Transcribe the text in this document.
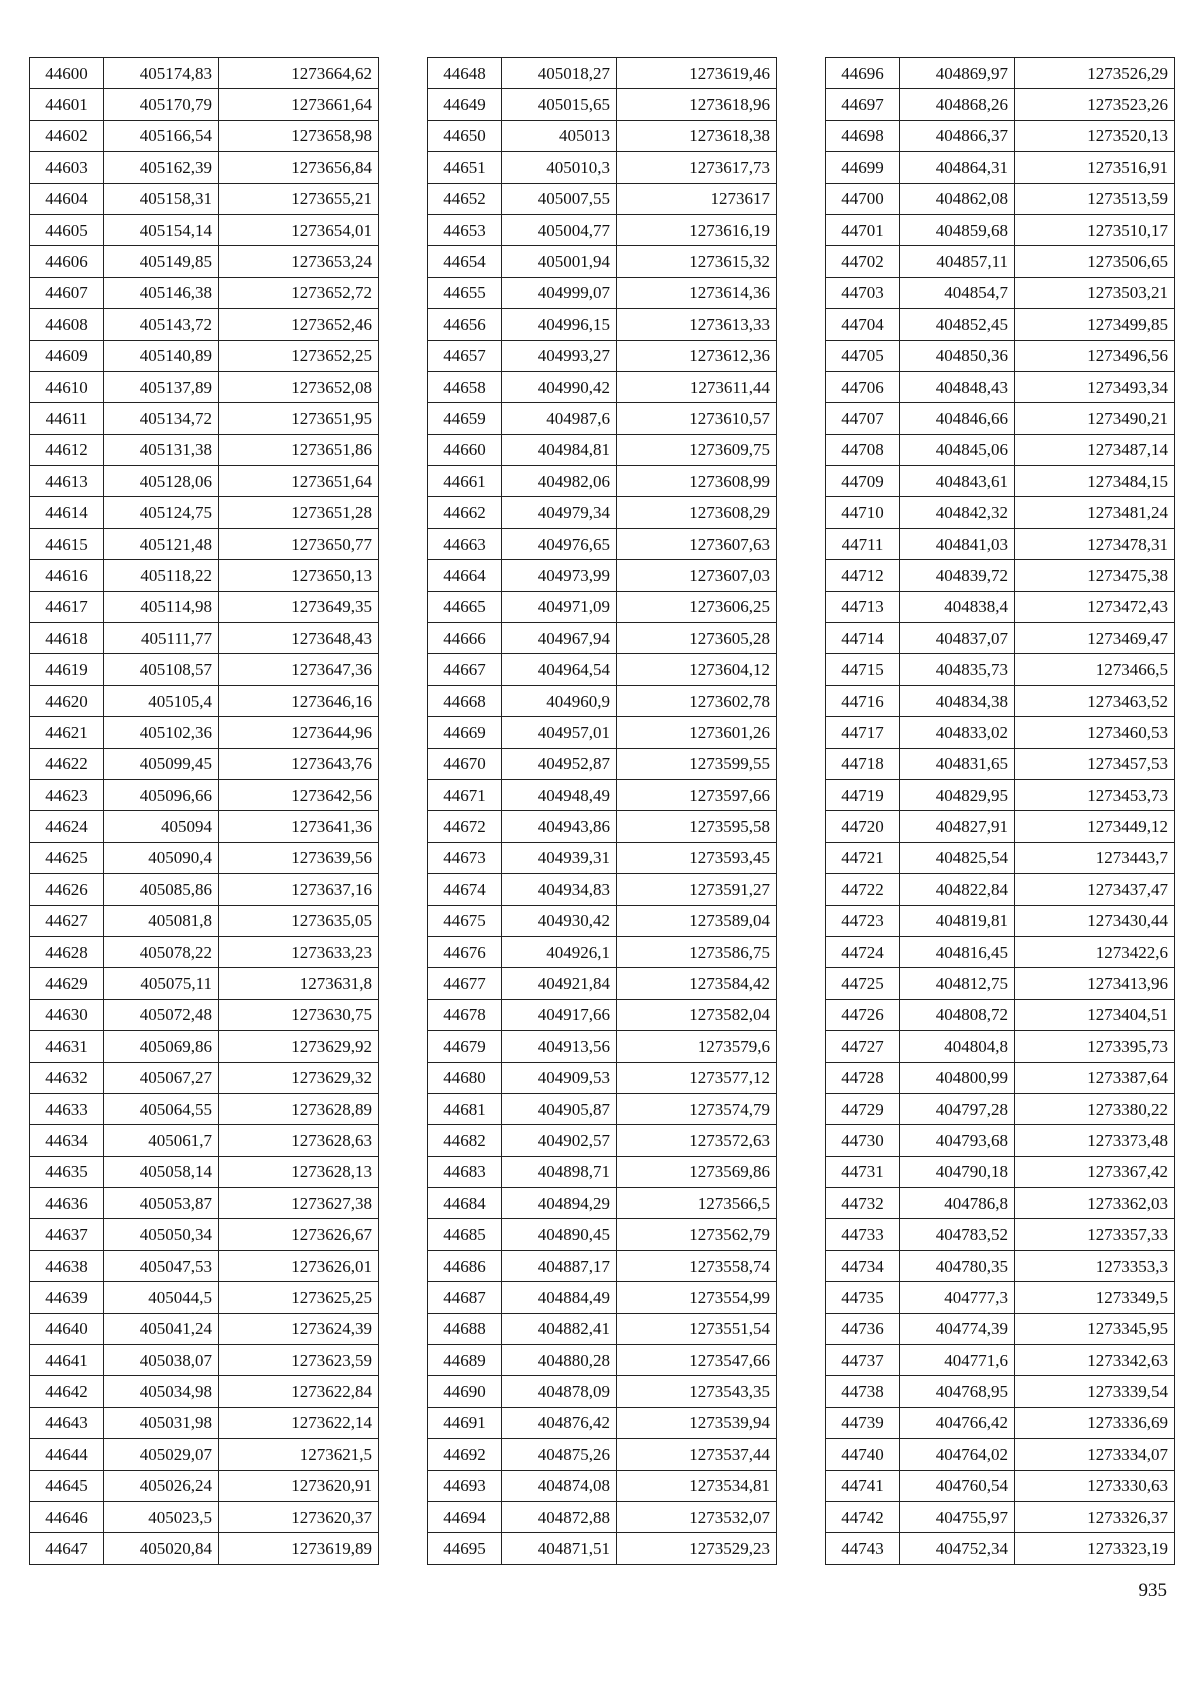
44600	405174,83	1273664,62
44601	405170,79	1273661,64
44602	405166,54	1273658,98
44603	405162,39	1273656,84
44604	405158,31	1273655,21
44605	405154,14	1273654,01
44606	405149,85	1273653,24
44607	405146,38	1273652,72
44608	405143,72	1273652,46
44609	405140,89	1273652,25
44610	405137,89	1273652,08
44611	405134,72	1273651,95
44612	405131,38	1273651,86
44613	405128,06	1273651,64
44614	405124,75	1273651,28
44615	405121,48	1273650,77
44616	405118,22	1273650,13
44617	405114,98	1273649,35
44618	405111,77	1273648,43
44619	405108,57	1273647,36
44620	405105,4	1273646,16
44621	405102,36	1273644,96
44622	405099,45	1273643,76
44623	405096,66	1273642,56
44624	405094	1273641,36
44625	405090,4	1273639,56
44626	405085,86	1273637,16
44627	405081,8	1273635,05
44628	405078,22	1273633,23
44629	405075,11	1273631,8
44630	405072,48	1273630,75
44631	405069,86	1273629,92
44632	405067,27	1273629,32
44633	405064,55	1273628,89
44634	405061,7	1273628,63
44635	405058,14	1273628,13
44636	405053,87	1273627,38
44637	405050,34	1273626,67
44638	405047,53	1273626,01
44639	405044,5	1273625,25
44640	405041,24	1273624,39
44641	405038,07	1273623,59
44642	405034,98	1273622,84
44643	405031,98	1273622,14
44644	405029,07	1273621,5
44645	405026,24	1273620,91
44646	405023,5	1273620,37
44647	405020,84	1273619,89
44648	405018,27	1273619,46
44649	405015,65	1273618,96
44650	405013	1273618,38
44651	405010,3	1273617,73
44652	405007,55	1273617
44653	405004,77	1273616,19
44654	405001,94	1273615,32
44655	404999,07	1273614,36
44656	404996,15	1273613,33
44657	404993,27	1273612,36
44658	404990,42	1273611,44
44659	404987,6	1273610,57
44660	404984,81	1273609,75
44661	404982,06	1273608,99
44662	404979,34	1273608,29
44663	404976,65	1273607,63
44664	404973,99	1273607,03
44665	404971,09	1273606,25
44666	404967,94	1273605,28
44667	404964,54	1273604,12
44668	404960,9	1273602,78
44669	404957,01	1273601,26
44670	404952,87	1273599,55
44671	404948,49	1273597,66
44672	404943,86	1273595,58
44673	404939,31	1273593,45
44674	404934,83	1273591,27
44675	404930,42	1273589,04
44676	404926,1	1273586,75
44677	404921,84	1273584,42
44678	404917,66	1273582,04
44679	404913,56	1273579,6
44680	404909,53	1273577,12
44681	404905,87	1273574,79
44682	404902,57	1273572,63
44683	404898,71	1273569,86
44684	404894,29	1273566,5
44685	404890,45	1273562,79
44686	404887,17	1273558,74
44687	404884,49	1273554,99
44688	404882,41	1273551,54
44689	404880,28	1273547,66
44690	404878,09	1273543,35
44691	404876,42	1273539,94
44692	404875,26	1273537,44
44693	404874,08	1273534,81
44694	404872,88	1273532,07
44695	404871,51	1273529,23
44696	404869,97	1273526,29
44697	404868,26	1273523,26
44698	404866,37	1273520,13
44699	404864,31	1273516,91
44700	404862,08	1273513,59
44701	404859,68	1273510,17
44702	404857,11	1273506,65
44703	404854,7	1273503,21
44704	404852,45	1273499,85
44705	404850,36	1273496,56
44706	404848,43	1273493,34
44707	404846,66	1273490,21
44708	404845,06	1273487,14
44709	404843,61	1273484,15
44710	404842,32	1273481,24
44711	404841,03	1273478,31
44712	404839,72	1273475,38
44713	404838,4	1273472,43
44714	404837,07	1273469,47
44715	404835,73	1273466,5
44716	404834,38	1273463,52
44717	404833,02	1273460,53
44718	404831,65	1273457,53
44719	404829,95	1273453,73
44720	404827,91	1273449,12
44721	404825,54	1273443,7
44722	404822,84	1273437,47
44723	404819,81	1273430,44
44724	404816,45	1273422,6
44725	404812,75	1273413,96
44726	404808,72	1273404,51
44727	404804,8	1273395,73
44728	404800,99	1273387,64
44729	404797,28	1273380,22
44730	404793,68	1273373,48
44731	404790,18	1273367,42
44732	404786,8	1273362,03
44733	404783,52	1273357,33
44734	404780,35	1273353,3
44735	404777,3	1273349,5
44736	404774,39	1273345,95
44737	404771,6	1273342,63
44738	404768,95	1273339,54
44739	404766,42	1273336,69
44740	404764,02	1273334,07
44741	404760,54	1273330,63
44742	404755,97	1273326,37
44743	404752,34	1273323,19
935
